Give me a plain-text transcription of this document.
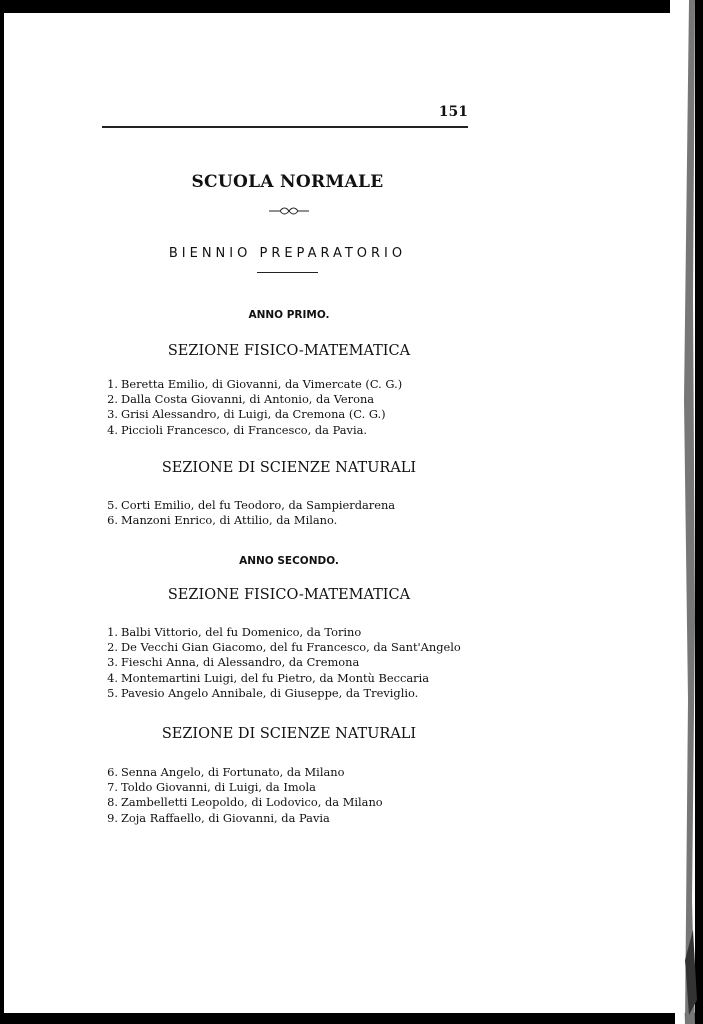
151
SCUOLA NORMALE
BIENNIO PREPARATORIO
ANNO PRIMO.
SEZIONE FISICO-MATEMATICA
1. Beretta Emilio, di Giovanni, da Vimercate (C. G.)
2. Dalla Costa Giovanni, di Antonio, da Verona
3. Grisi Alessandro, di Luigi, da Cremona (C. G.)
4. Piccioli Francesco, di Francesco, da Pavia.
SEZIONE DI SCIENZE NATURALI
5. Corti Emilio, del fu Teodoro, da Sampierdarena
6. Manzoni Enrico, di Attilio, da Milano.
ANNO SECONDO.
SEZIONE FISICO-MATEMATICA
1. Balbi Vittorio, del fu Domenico, da Torino
2. De Vecchi Gian Giacomo, del fu Francesco, da Sant'Angelo
3. Fieschi Anna, di Alessandro, da Cremona
4. Montemartini Luigi, del fu Pietro, da Montù Beccaria
5. Pavesio Angelo Annibale, di Giuseppe, da Treviglio.
SEZIONE DI SCIENZE NATURALI
6. Senna Angelo, di Fortunato, da Milano
7. Toldo Giovanni, di Luigi, da Imola
8. Zambelletti Leopoldo, di Lodovico, da Milano
9. Zoja Raffaello, di Giovanni, da Pavia
